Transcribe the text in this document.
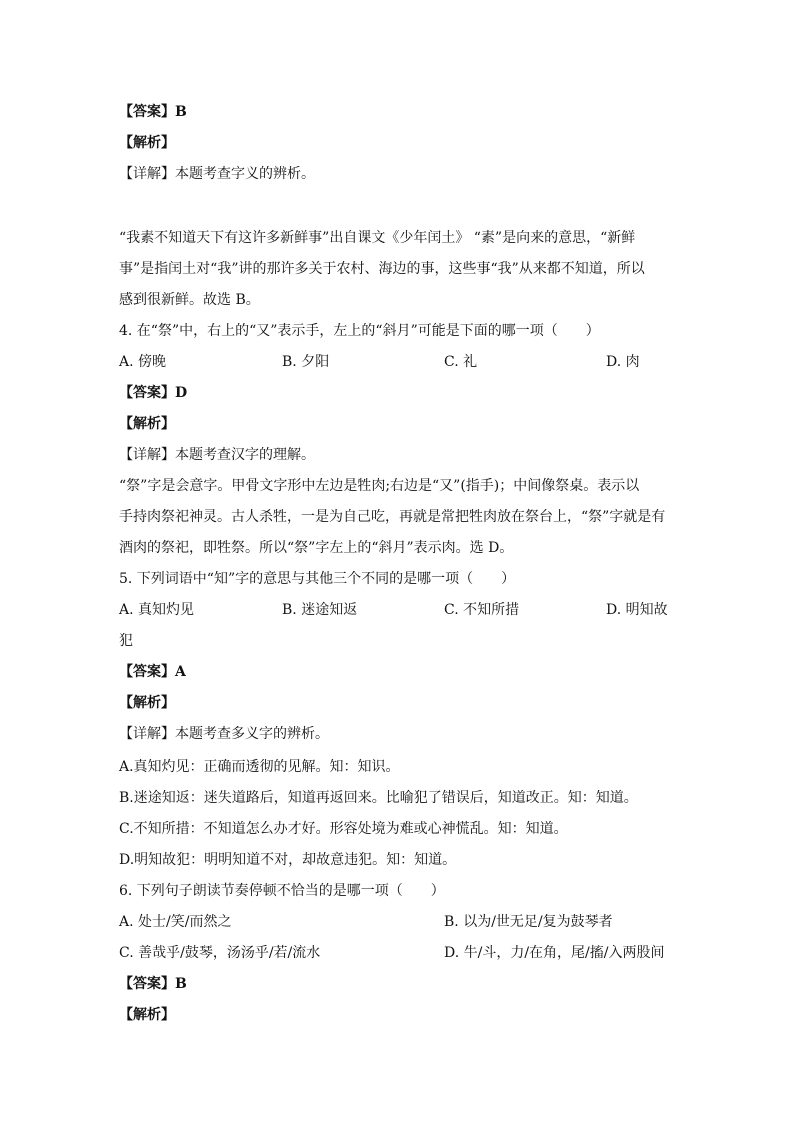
【答案】B
【解析】
【详解】本题考查字义的辨析。
“我素不知道天下有这许多新鲜事”出自课文《少年闰土》 “素”是向来的意思，“新鲜
事”是指闰土对“我”讲的那许多关于农村、海边的事，这些事“我”从来都不知道，所以
感到很新鲜。故选 B。
4. 在“祭”中，右上的“又”表示手，左上的“斜月”可能是下面的哪一项（　　）
A. 傍晚	B. 夕阳	C. 礼	D. 肉
【答案】D
【解析】
【详解】本题考查汉字的理解。
“祭”字是会意字。甲骨文字形中左边是牲肉;右边是“又”(指手)；中间像祭桌。表示以
手持肉祭祀神灵。古人杀牲，一是为自己吃，再就是常把牲肉放在祭台上，“祭”字就是有
酒肉的祭祀，即牲祭。所以“祭”字左上的“斜月”表示肉。选 D。
5. 下列词语中“知”字的意思与其他三个不同的是哪一项（　　）
A. 真知灼见	B. 迷途知返	C. 不知所措	D. 明知故
犯
【答案】A
【解析】
【详解】本题考查多义字的辨析。
A.真知灼见：正确而透彻的见解。知：知识。
B.迷途知返：迷失道路后，知道再返回来。比喻犯了错误后，知道改正。知：知道。
C.不知所措：不知道怎么办才好。形容处境为难或心神慌乱。知：知道。
D.明知故犯：明明知道不对，却故意违犯。知：知道。
6. 下列句子朗读节奏停顿不恰当的是哪一项（　　）
A. 处士/笑/而然之	B. 以为/世无足/复为鼓琴者
C. 善哉乎/鼓琴，汤汤乎/若/流水	D. 牛/斗，力/在角，尾/搐/入两股间
【答案】B
【解析】
